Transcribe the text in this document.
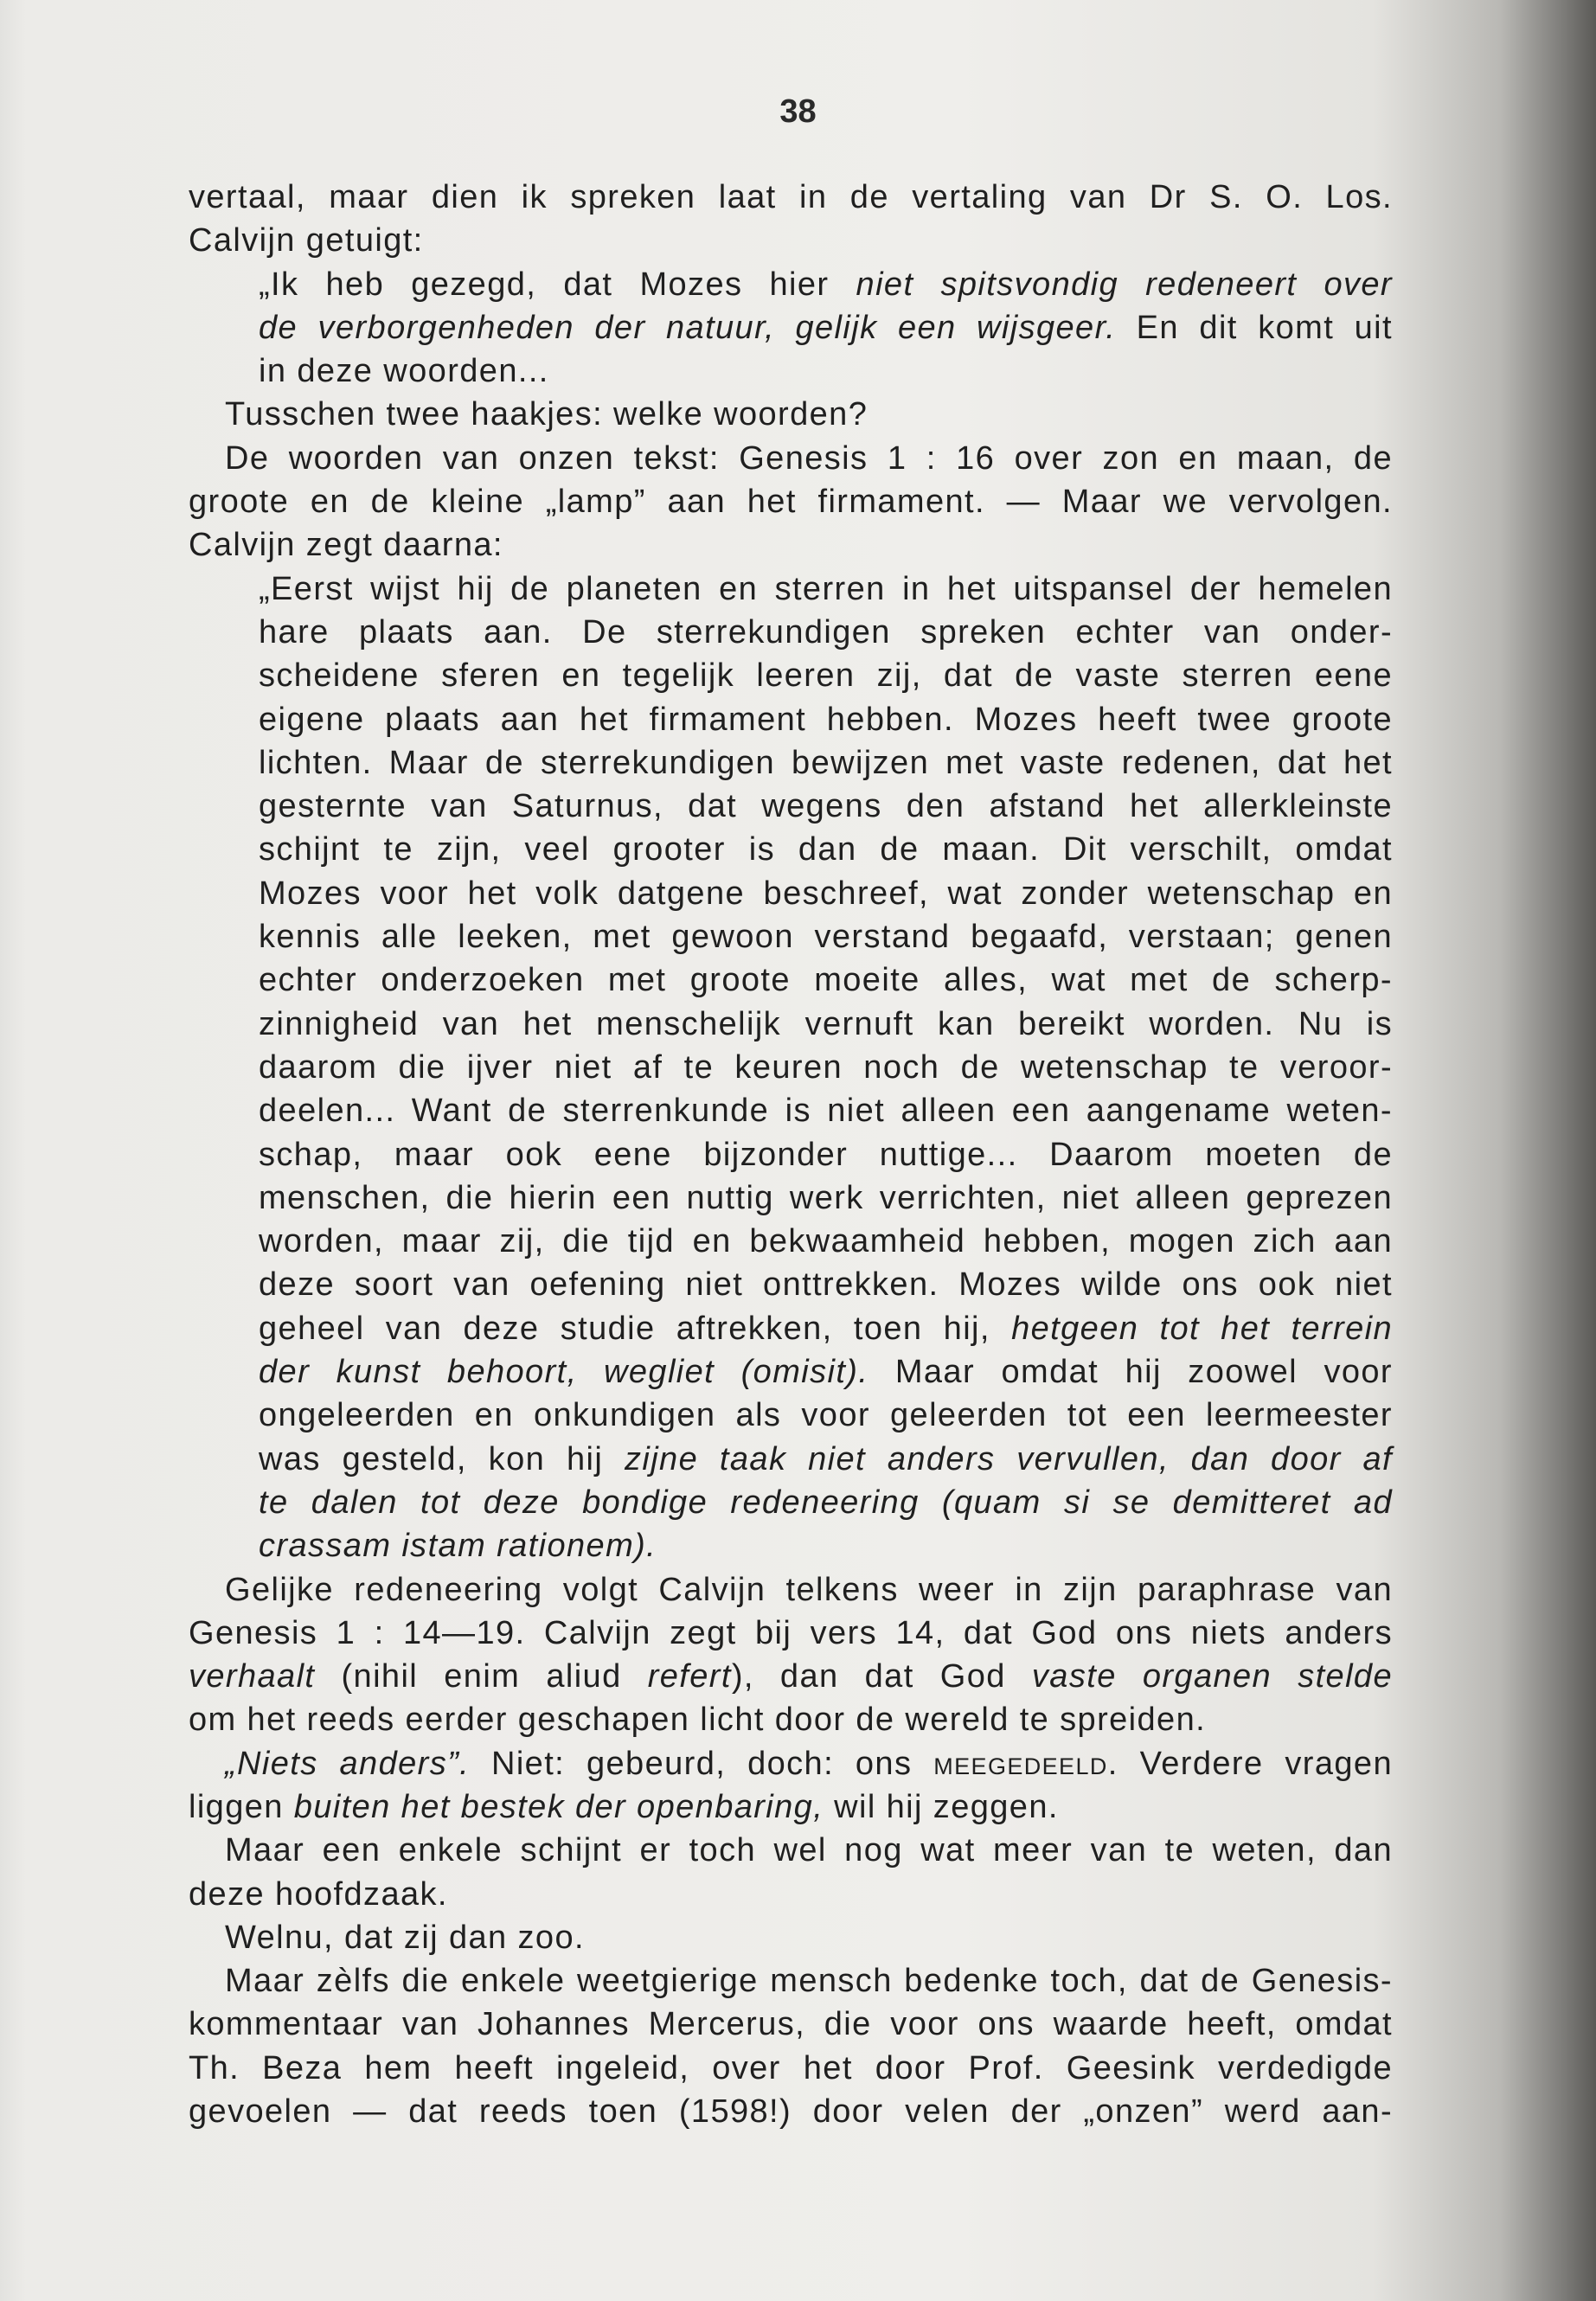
38
vertaal, maar dien ik spreken laat in de vertaling van Dr S. O. Los.
Calvijn getuigt:
„Ik heb gezegd, dat Mozes hier niet spitsvondig redeneert over
de verborgenheden der natuur, gelijk een wijsgeer. En dit komt uit
in deze woorden...
Tusschen twee haakjes: welke woorden?
De woorden van onzen tekst: Genesis 1 : 16 over zon en maan, de
groote en de kleine „lamp” aan het firmament. — Maar we vervolgen.
Calvijn zegt daarna:
„Eerst wijst hij de planeten en sterren in het uitspansel der hemelen
hare plaats aan. De sterrekundigen spreken echter van onder-
scheidene sferen en tegelijk leeren zij, dat de vaste sterren eene
eigene plaats aan het firmament hebben. Mozes heeft twee groote
lichten. Maar de sterrekundigen bewijzen met vaste redenen, dat het
gesternte van Saturnus, dat wegens den afstand het allerkleinste
schijnt te zijn, veel grooter is dan de maan. Dit verschilt, omdat
Mozes voor het volk datgene beschreef, wat zonder wetenschap en
kennis alle leeken, met gewoon verstand begaafd, verstaan; genen
echter onderzoeken met groote moeite alles, wat met de scherp-
zinnigheid van het menschelijk vernuft kan bereikt worden. Nu is
daarom die ijver niet af te keuren noch de wetenschap te veroor-
deelen... Want de sterrenkunde is niet alleen een aangename weten-
schap, maar ook eene bijzonder nuttige... Daarom moeten de
menschen, die hierin een nuttig werk verrichten, niet alleen geprezen
worden, maar zij, die tijd en bekwaamheid hebben, mogen zich aan
deze soort van oefening niet onttrekken. Mozes wilde ons ook niet
geheel van deze studie aftrekken, toen hij, hetgeen tot het terrein
der kunst behoort, wegliet (omisit). Maar omdat hij zoowel voor
ongeleerden en onkundigen als voor geleerden tot een leermeester
was gesteld, kon hij zijne taak niet anders vervullen, dan door af
te dalen tot deze bondige redeneering (quam si se demitteret ad
crassam istam rationem).
Gelijke redeneering volgt Calvijn telkens weer in zijn paraphrase van
Genesis 1 : 14—19. Calvijn zegt bij vers 14, dat God ons niets anders
verhaalt (nihil enim aliud refert), dan dat God vaste organen stelde
om het reeds eerder geschapen licht door de wereld te spreiden.
„Niets anders”. Niet: gebeurd, doch: ons meegedeeld. Verdere vragen
liggen buiten het bestek der openbaring, wil hij zeggen.
Maar een enkele schijnt er toch wel nog wat meer van te weten, dan
deze hoofdzaak.
Welnu, dat zij dan zoo.
Maar zèlfs die enkele weetgierige mensch bedenke toch, dat de Genesis-
kommentaar van Johannes Mercerus, die voor ons waarde heeft, omdat
Th. Beza hem heeft ingeleid, over het door Prof. Geesink verdedigde
gevoelen — dat reeds toen (1598!) door velen der „onzen” werd aan-
